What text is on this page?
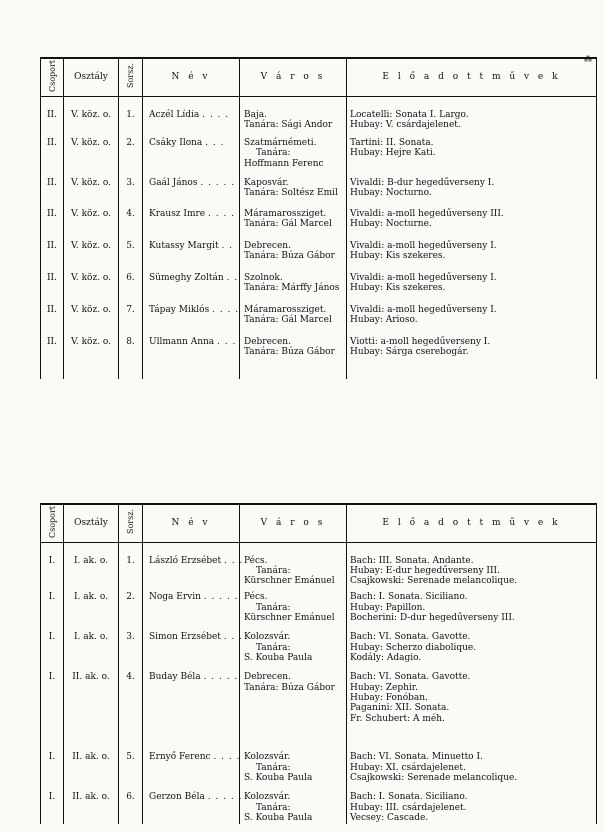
⁂
Csoport	Osztály	Sorsz.	N é v	V á r o s	E l ő a d o t t m ű v e k
II.	V. köz. o.	1.	Aczél Lídia . . . .	Baja.
Tanára: Sági Andor	Locatelli: Sonata I. Largo.
Hubay: V. csárdajelenet.

II.	V. köz. o.	2.	Csáky Ilona . . .	Szatmárnémeti.
Tanára:
Hoffmann Ferenc	Tartini: II. Sonata.
Hubay: Hejre Kati.

II.	V. köz. o.	3.	Gaál János . . . . .	Kaposvár.
Tanára: Soltész Emil	Vivaldi: B-dur hegedűverseny I.
Hubay: Nocturno.

II.	V. köz. o.	4.	Krausz Imre . . . .	Máramarossziget.
Tanára: Gál Marcel	Vivaldi: a-moll hegedűverseny III.
Hubay: Nocturne.

II.	V. köz. o.	5.	Kutassy Margit . .	Debrecen.
Tanára: Búza Gábor	Vivaldi: a-moll hegedűverseny I.
Hubay: Kis szekeres.

II.	V. köz. o.	6.	Sümeghy Zoltán . .	Szolnok.
Tanára: Márffy János	Vivaldi: a-moll hegedűverseny I.
Hubay: Kis szekeres.

II.	V. köz. o.	7.	Tápay Miklós . . . .	Máramarossziget.
Tanára: Gál Marcel	Vivaldi: a-moll hegedűverseny I.
Hubay: Arioso.

II.	V. köz. o.	8.	Ullmann Anna . . .	Debrecen.
Tanára: Búza Gábor	Viotti: a-moll hegedűverseny I.
Hubay: Sárga cserebogár.
Csoport	Osztály	Sorsz.	N é v	V á r o s	E l ő a d o t t m ű v e k
I.	I. ak. o.	1.	László Erzsébet . . .	Pécs.
Tanára:
Kürschner Emánuel	Bach: III. Sonata. Andante.
Hubay: E-dur hegedűverseny III.
Csajkowski: Serenade melancolique.

I.	I. ak. o.	2.	Noga Ervin . . . . .	Pécs.
Tanára:
Kürschner Emánuel	Bach: I. Sonata. Siciliano.
Hubay: Papillon.
Bocherini: D-dur hegedűverseny III.

I.	I. ak. o.	3.	Simon Erzsébet . . .	Kolozsvár.
Tanára:
S. Kouba Paula	Bach: VI. Sonata. Gavotte.
Hubay: Scherzo diabolique.
Kodály: Adagio.

I.	II. ak. o.	4.	Buday Béla . . . . .	Debrecen.
Tanára: Búza Gábor	Bach: VI. Sonata. Gavotte.
Hubay: Zephir.
Hubay: Fonóban.
Paganini: XII. Sonata.
Fr. Schubert: A méh.

I.	II. ak. o.	5.	Ernyő Ferenc . . . .	Kolozsvár.
Tanára:
S. Kouba Paula	Bach: VI. Sonata. Minuetto I.
Hubay: XI. csárdajelenet.
Csajkowski: Serenade melancolique.

I.	II. ak. o.	6.	Gerzon Béla . . . . .	Kolozsvár.
Tanára:
S. Kouba Paula	Bach: I. Sonata. Siciliano.
Hubay: III. csárdajelenet.
Vecsey: Cascade.
